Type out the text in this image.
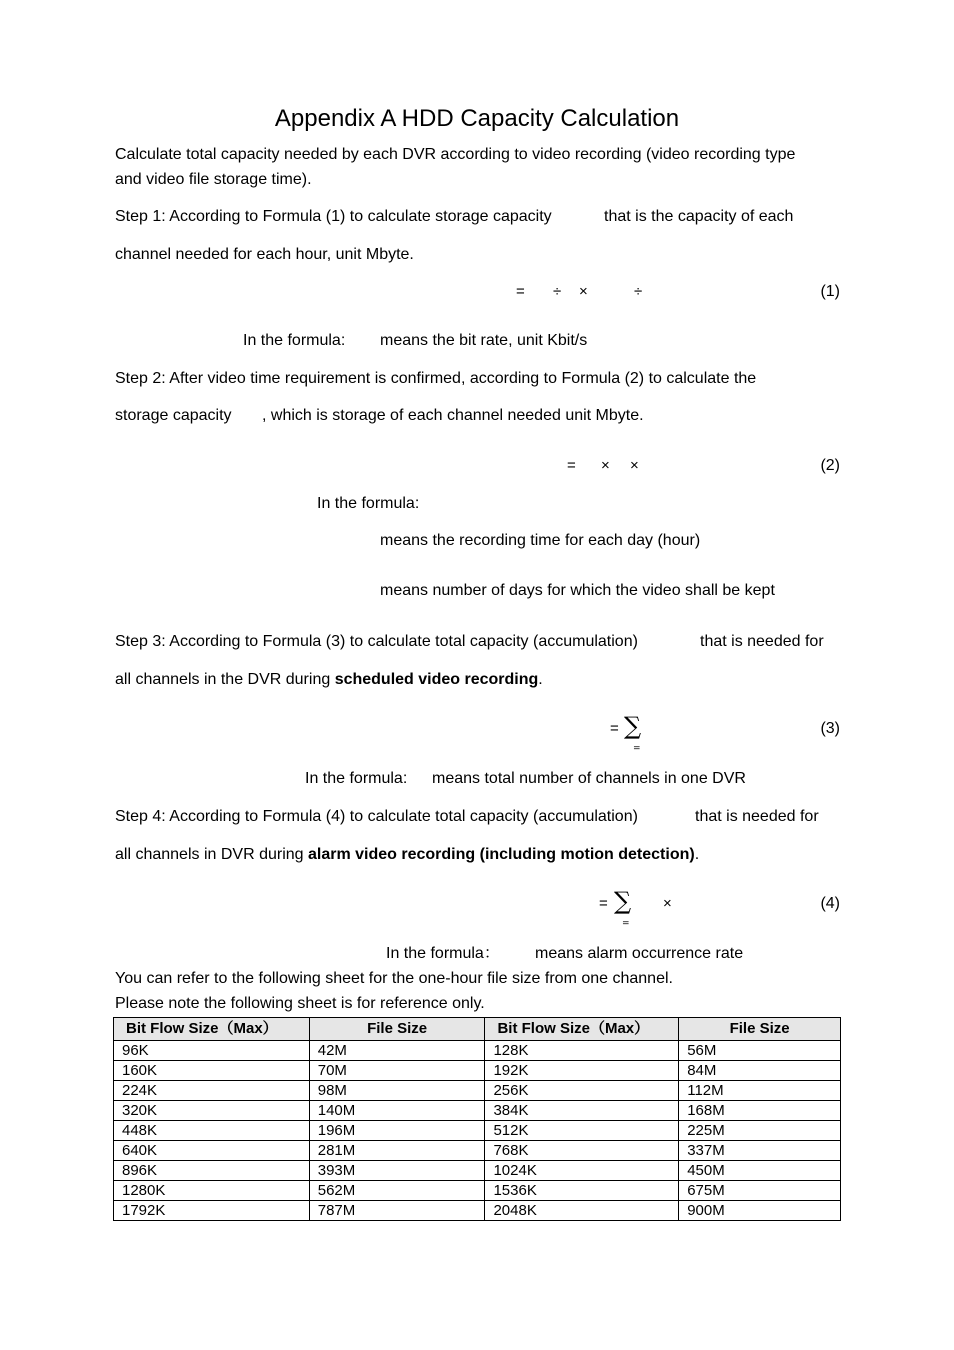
Appendix A HDD Capacity Calculation
Calculate total capacity needed by each DVR according to video recording (video recording type
and video file storage time).
Step 1: According to Formula (1) to calculate storage capacity	that is the capacity of each
channel needed for each hour, unit Mbyte.
= ÷ ×	÷	(1)
In the formula: means the bit rate, unit Kbit/s
Step 2: After video time requirement is confirmed, according to Formula (2) to calculate the
storage capacity , which is storage of each channel needed unit Mbyte.
= × ×	(2)
In the formula:
means the recording time for each day (hour)
means number of days for which the video shall be kept
Step 3: According to Formula (3) to calculate total capacity (accumulation)	that is needed for
all channels in the DVR during scheduled video recording.
= ∑
=
(3)
In the formula: means total number of channels in one DVR
Step 4: According to Formula (4) to calculate total capacity (accumulation)	that is needed for
all channels in DVR during alarm video recording (including motion detection).
= ∑
=
×	(4)
In the formula： means alarm occurrence rate
You can refer to the following sheet for the one-hour file size from one channel.
Please note the following sheet is for reference only.
Bit Flow Size（Max）	File Size	Bit Flow Size（Max）	File Size
96K	42M	128K	56M
160K	70M	192K	84M
224K	98M	256K	112M
320K	140M	384K	168M
448K	196M	512K	225M
640K	281M	768K	337M
896K	393M	1024K	450M
1280K	562M	1536K	675M
1792K	787M	2048K	900M
